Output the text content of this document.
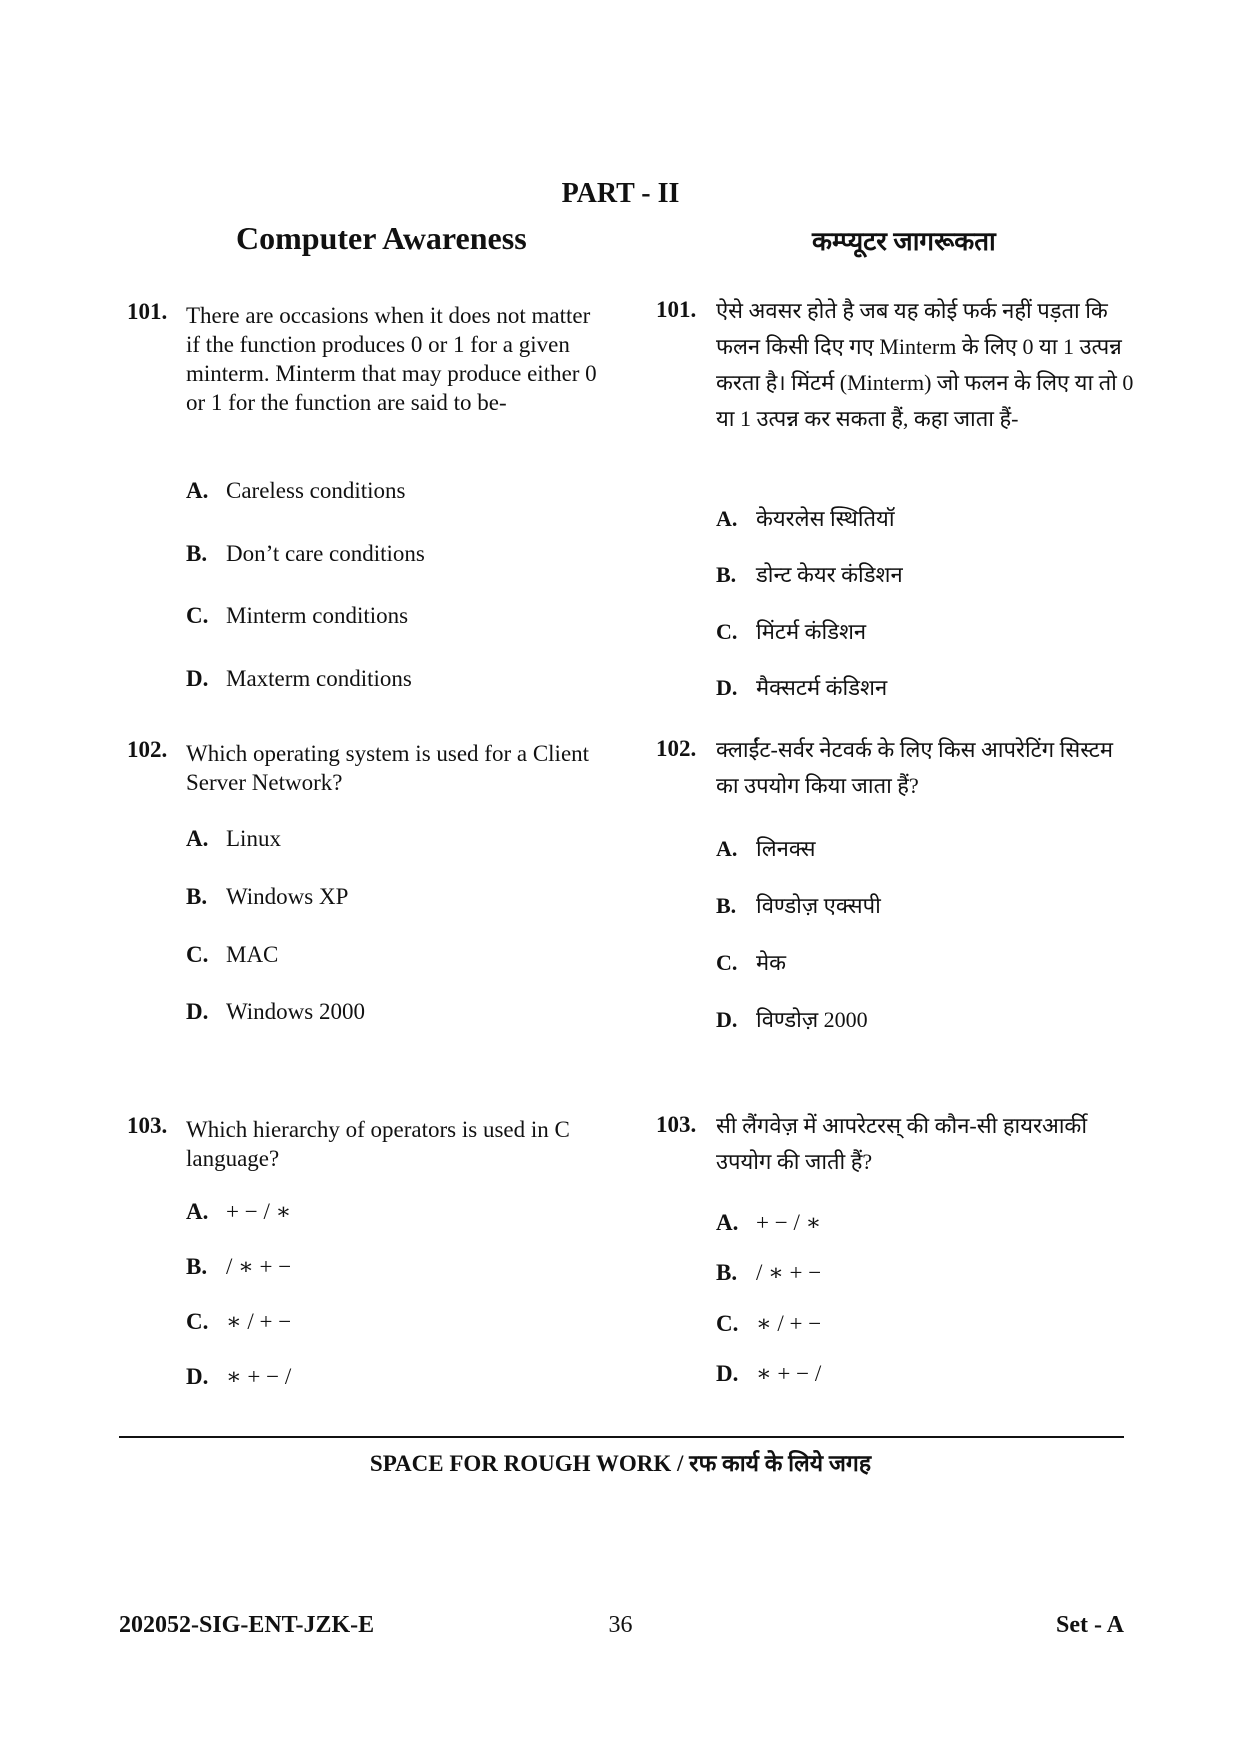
PART - II
Computer Awareness	कम्प्यूटर जागरूकता
101. There are occasions when it does not matter if the function produces 0 or 1 for a given minterm. Minterm that may produce either 0 or 1 for the function are said to be-
A. Careless conditions
B. Don’t care conditions
C. Minterm conditions
D. Maxterm conditions
102. Which operating system is used for a Client Server Network?
A. Linux
B. Windows XP
C. MAC
D. Windows 2000
103. Which hierarchy of operators is used in C language?
A. + − / ∗
B. / ∗ + −
C. ∗ / + −
D. ∗ + − /
101. ऐसे अवसर होते है जब यह कोई फर्क नहीं पड़ता कि फलन किसी दिए गए Minterm के लिए 0 या 1 उत्पन्न करता है। मिंटर्म (Minterm) जो फलन के लिए या तो 0 या 1 उत्पन्न कर सकता हैं, कहा जाता हैं-
A. केयरलेस स्थितियॉ
B. डोन्ट केयर कंडिशन
C. मिंटर्म कंडिशन
D. मैक्सटर्म कंडिशन
102. क्लाईंट-सर्वर नेटवर्क के लिए किस आपरेटिंग सिस्टम का उपयोग किया जाता हैं?
A. लिनक्स
B. विण्डोज़ एक्सपी
C. मेक
D. विण्डोज़ 2000
103. सी लैंगवेज़ में आपरेटरस् की कौन-सी हायरआर्की उपयोग की जाती हैं?
A. + − / ∗
B. / ∗ + −
C. ∗ / + −
D. ∗ + − /
SPACE FOR ROUGH WORK / रफ कार्य के लिये जगह
202052-SIG-ENT-JZK-E	36	Set - A
